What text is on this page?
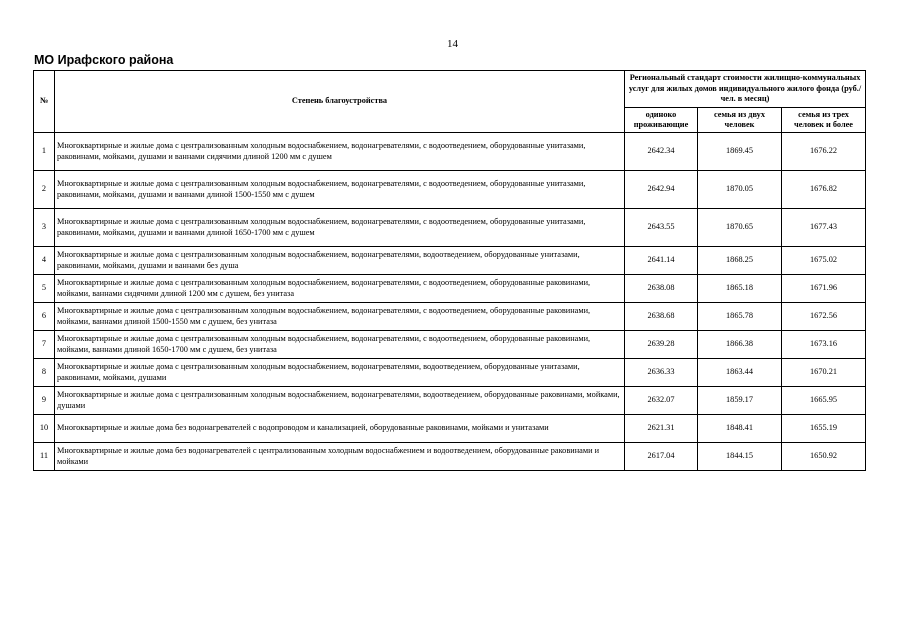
14
МО Ирафского района
№	Степень благоустройства	Региональный стандарт стоимости жилищно-коммунальных услуг для жилых домов индивидуального жилого фонда (руб./чел. в месяц)		
		одиноко проживающие	семья из двух человек	семья из трех человек и более
1	Многоквартирные и жилые дома с централизованным холодным водоснабжением, водонагревателями, с водоотведением, оборудованные унитазами, раковинами, мойками, душами и ваннами сидячими длиной 1200 мм с душем	2642.34	1869.45	1676.22
2	Многоквартирные и жилые дома с централизованным холодным водоснабжением, водонагревателями, с водоотведением, оборудованные унитазами, раковинами, мойками, душами и ваннами длиной 1500-1550 мм с душем	2642.94	1870.05	1676.82
3	Многоквартирные и жилые дома с централизованным холодным водоснабжением, водонагревателями, с водоотведением, оборудованные унитазами, раковинами, мойками, душами и ваннами длиной 1650-1700 мм с душем	2643.55	1870.65	1677.43
4	Многоквартирные и жилые дома с централизованным холодным водоснабжением, водонагревателями, водоотведением, оборудованные унитазами, раковинами, мойками, душами и ваннами без душа	2641.14	1868.25	1675.02
5	Многоквартирные и жилые дома с централизованным холодным водоснабжением, водонагревателями, с водоотведением, оборудованные раковинами, мойками, ваннами сидячими длиной 1200 мм с душем, без унитаза	2638.08	1865.18	1671.96
6	Многоквартирные и жилые дома с централизованным холодным водоснабжением, водонагревателями, с водоотведением, оборудованные раковинами, мойками, ваннами длиной 1500-1550 мм с душем, без унитаза	2638.68	1865.78	1672.56
7	Многоквартирные и жилые дома с централизованным холодным водоснабжением, водонагревателями, с водоотведением, оборудованные раковинами, мойками, ваннами длиной 1650-1700 мм с душем, без унитаза	2639.28	1866.38	1673.16
8	Многоквартирные и жилые дома с централизованным холодным водоснабжением, водонагревателями, водоотведением, оборудованные унитазами, раковинами, мойками, душами	2636.33	1863.44	1670.21
9	Многоквартирные и жилые дома с централизованным холодным водоснабжением, водонагревателями, водоотведением, оборудованные раковинами, мойками, душами	2632.07	1859.17	1665.95
10	Многоквартирные и жилые дома без водонагревателей с водопроводом и канализацией, оборудованные раковинами, мойками и унитазами	2621.31	1848.41	1655.19
11	Многоквартирные и жилые дома без водонагревателей с централизованным холодным водоснабжением и водоотведением, оборудованные раковинами и мойками	2617.04	1844.15	1650.92
